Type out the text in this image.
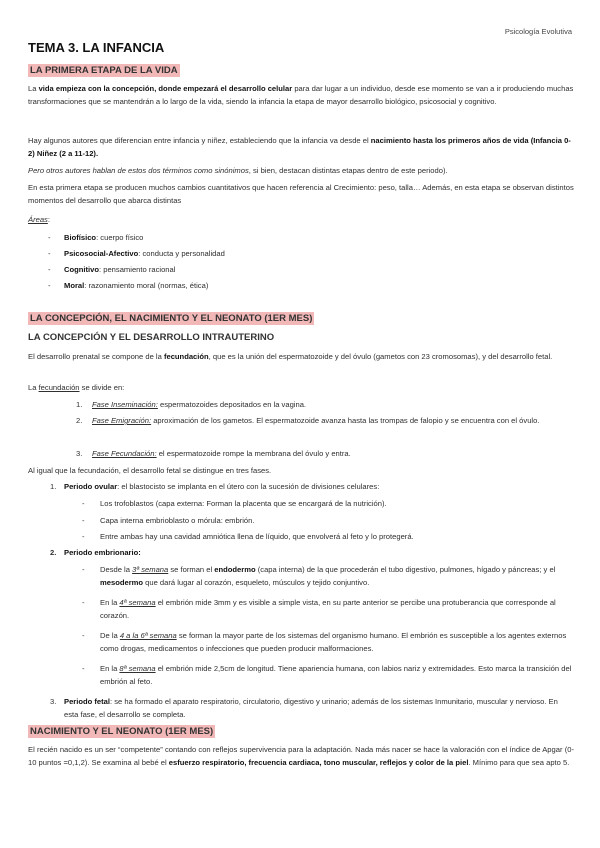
Psicología Evolutiva
TEMA 3. LA INFANCIA
LA PRIMERA ETAPA DE LA VIDA

La vida empieza con la concepción, donde empezará el desarrollo celular para dar lugar a un individuo, desde ese momento se van a ir produciendo muchas transformaciones que se mantendrán a lo largo de la vida, siendo la infancia la etapa de mayor desarrollo biológico, psicosocial y cognitivo.

Hay algunos autores que diferencian entre infancia y niñez, estableciendo que la infancia va desde el nacimiento hasta los primeros años de vida (Infancia 0-2) Niñez (2 a 11-12).

Pero otros autores hablan de estos dos términos como sinónimos, si bien, destacan distintas etapas dentro de este periodo).

En esta primera etapa se producen muchos cambios cuantitativos que hacen referencia al Crecimiento: peso, talla… Además, en esta etapa se observan distintos momentos del desarrollo que abarca distintas

Áreas:

- Biofísico: cuerpo físico

- Psicosocial-Afectivo: conducta y personalidad

- Cognitivo: pensamiento racional

- Moral: razonamiento moral (normas, ética)

LA CONCEPCIÓN, EL NACIMIENTO Y EL NEONATO (1ER MES)
LA CONCEPCIÓN Y EL DESARROLLO INTRAUTERINO

El desarrollo prenatal se compone de la fecundación, que es la unión del espermatozoide y del óvulo (gametos con 23 cromosomas), y del desarrollo fetal.

La fecundación se divide en:

1. Fase Inseminación: espermatozoides depositados en la vagina.

2. Fase Emigración: aproximación de los gametos. El espermatozoide avanza hasta las trompas de falopio y se encuentra con el óvulo.

3. Fase Fecundación: el espermatozoide rompe la membrana del óvulo y entra.

Al igual que la fecundación, el desarrollo fetal se distingue en tres fases.

1. Periodo ovular: el blastocisto se implanta en el útero con la sucesión de divisiones celulares:

- Los trofoblastos (capa externa: Forman la placenta que se encargará de la nutrición).

- Capa interna embrioblasto o mórula: embrión.

- Entre ambas hay una cavidad amniótica llena de líquido, que envolverá al feto y lo protegerá.

2. Periodo embrionario:

- Desde la 3ª semana se forman el endodermo (capa interna) de la que procederán el tubo digestivo, pulmones, hígado y páncreas; y el mesodermo que dará lugar al corazón, esqueleto, músculos y tejido conjuntivo.

- En la 4ª semana el embrión mide 3mm y es visible a simple vista, en su parte anterior se percibe una protuberancia que corresponde al corazón.

- De la 4 a la 6ª semana se forman la mayor parte de los sistemas del organismo humano. El embrión es susceptible a los agentes externos como drogas, medicamentos o infecciones que pueden producir malformaciones.

- En la 8ª semana el embrión mide 2,5cm de longitud. Tiene apariencia humana, con labios nariz y extremidades. Esto marca la transición del embrión al feto.

3. Periodo fetal: se ha formado el aparato respiratorio, circulatorio, digestivo y urinario; además de los sistemas Inmunitario, muscular y nervioso. En esta fase, el desarrollo se completa.

NACIMIENTO Y EL NEONATO (1ER MES)

El recién nacido es un ser “competente” contando con reflejos supervivencia para la adaptación. Nada más nacer se hace la valoración con el índice de Apgar (0-10 puntos =0,1,2). Se examina al bebé el esfuerzo respiratorio, frecuencia cardiaca, tono muscular, reflejos y color de la piel. Mínimo para que sea apto 5.
